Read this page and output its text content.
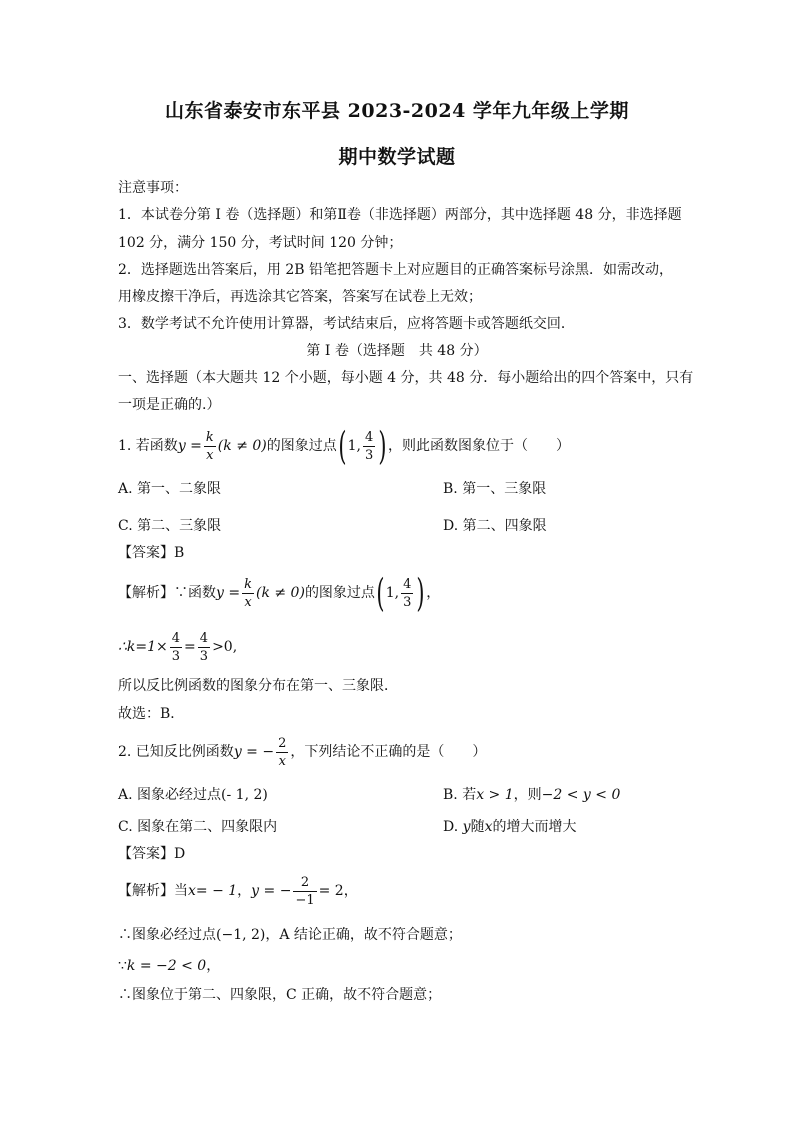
山东省泰安市东平县 2023-2024 学年九年级上学期
期中数学试题
注意事项：
1．本试卷分第 I 卷（选择题）和第Ⅱ卷（非选择题）两部分，其中选择题 48 分，非选择题
102 分，满分 150 分，考试时间 120 分钟；
2．选择题选出答案后，用 2B 铅笔把答题卡上对应题目的正确答案标号涂黑．如需改动，
用橡皮擦干净后，再选涂其它答案，答案写在试卷上无效；
3．数学考试不允许使用计算器，考试结束后，应将答题卡或答题纸交回．
第 I 卷（选择题　共 48 分）
一、选择题（本大题共 12 个小题，每小题 4 分，共 48 分．每小题给出的四个答案中，只有
一项是正确的.）
1. 若函数$y = \frac{k}{x} (k \ne 0)$的图象过点(1, $\frac{4}{3}$ )，则此函数图象位于（　　）
A. 第一、二象限	B. 第一、三象限
C. 第二、三象限	D. 第二、四象限
【答案】B
【解析】∵函数$y = \frac{k}{x} (k \ne 0)$的图象过点(1, $\frac{4}{3}$ )，
∴k=1× $\frac{4}{3} = \frac{4}{3} >0$,
所以反比例函数的图象分布在第一、三象限．
故选：B．
2. 已知反比例函数y = − $\frac{2}{x}$ ，下列结论不正确的是（　　）
A. 图象必经过点(- 1, 2)	B. 若x > 1，则−2 < y < 0
C. 图象在第二、四象限内	D. y随x的增大而增大
【答案】D
【解析】当x= − 1，y = − $\frac{2}{-1} = 2$，
∴图象必经过点(−1, 2)，A 结论正确，故不符合题意；
∵k = −2 < 0，
∴图象位于第二、四象限，C 正确，故不符合题意；
